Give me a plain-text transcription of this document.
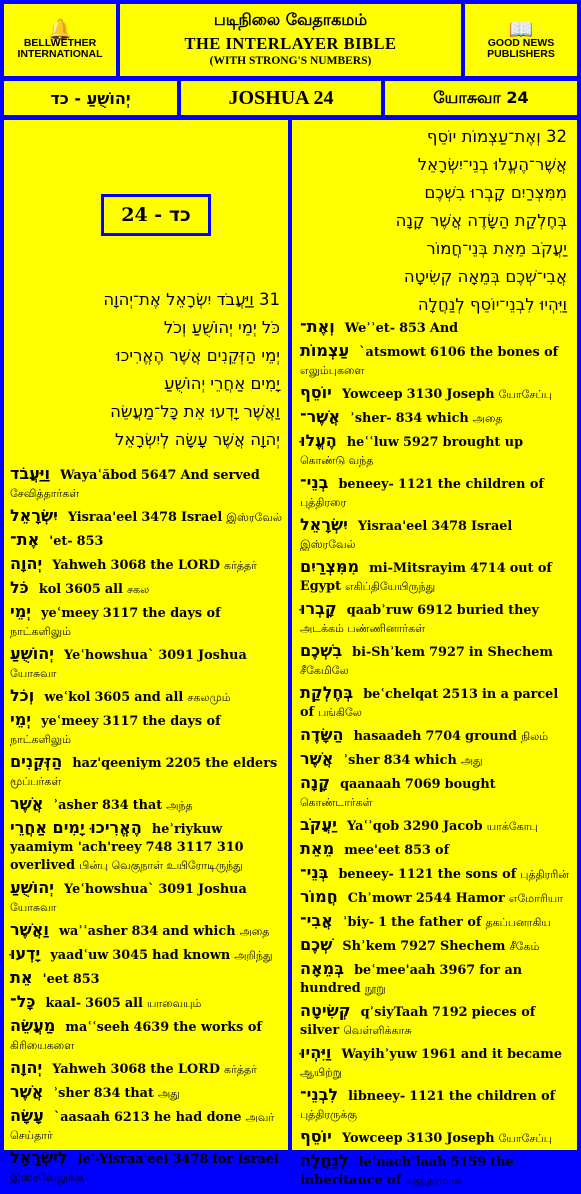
🔔
BELLWETHER
INTERNATIONAL
படிநிலை வேதாகமம்
THE INTERLAYER BIBLE
(WITH STRONG'S NUMBERS)
📖
GOOD NEWS
PUBLISHERS
יְהוֹשֻׁעַ - כד	JOSHUA 24	யோசுவா 24
24 - כד
31 וַיַּעֲבֹד יִשְׂרָאֵל אֶת־יְהוָה
כֹּל יְמֵי יְהוֹשֻׁעַ וְכֹל
יְמֵי הַזְּקֵנִים אֲשֶׁר הֶאֱרִיכוּ
יָמִים אַחֲרֵי יְהוֹשֻׁעַ
וַאֲשֶׁר יָדְעוּ אֵת כָּל־מַעֲשֵׂה
יְהוָה אֲשֶׁר עָשָׂה לְיִשְׂרָאֵל
וַיַּעֲבֹד Wayaʿăbod 5647 And served சேவித்தார்கள்
יִשְׂרָאֵל Yisraa'eel 3478 Israel இஸ்ரவேல்
אֶת־ 'et- 853
יְהוָה Yahweh 3068 the LORD கர்த்தர்
כֹּל kol 3605 all சகல
יְמֵי yeʿmeey 3117 the days of நாட்களிலும்
יְהוֹשֻׁעַ Yeʿhowshua` 3091 Joshua யோசுவா
וְכֹל weʿkol 3605 and all சகலமும்
יְמֵי yeʿmeey 3117 the days of நாட்களிலும்
הַזְּקֵנִים haz'qeeniym 2205 the elders மூப்பர்கள்
אֲשֶׁר ʾasher 834 that அந்த
הֶאֱרִיכוּ יָמִים אַחֲרֵי heʾriykuw yaamiym 'ach'reey 748 3117 310 overlived பின்பு வெகுநாள் உயிரோடிருந்து
יְהוֹשֻׁעַ Yeʿhowshua` 3091 Joshua யோசுவா
וַאֲשֶׁר waʾʿasher 834 and which அதை
יָדְעוּ yaadʿuw 3045 had known அறிந்து
אֵת 'eet 853
כָּל־ kaal- 3605 all யாவையும்
מַעֲשֵׂה maʿʿseeh 4639 the works of கிரியைகளை
יְהוָה Yahweh 3068 the LORD கர்த்தர்
אֲשֶׁר ʾsher 834 that அது
עָשָׂה `aasaah 6213 he had done அவர் செய்தார்
לְיִשְׂרָאֵל leʿ-Yisraa'eel 3478 for Israel இஸ்ரவேலுக்கு
32 וְאֶת־עַצְמוֹת יוֹסֵף
אֲשֶׁר־הֶעֱלוּ בְנֵי־יִשְׂרָאֵל
מִמִּצְרַיִם קָבְרוּ בִשְׁכֶם
בְּחֶלְקַת הַשָּׂדֶה אֲשֶׁר קָנָה
יַעֲקֹב מֵאֵת בְּנֵי־חֲמוֹר
אֲבִי־שְׁכֶם בְּמֵאָה קְשִׂיטָה
וַיִּהְיוּ לִבְנֵי־יוֹסֵף לְנַחֲלָה
וְאֶת־ Weʾʾet- 853 And
עַצְמוֹת `atsmowt 6106 the bones of எலும்புகளை
יוֹסֵף Yowceep 3130 Joseph யோசேப்பு
אֲשֶׁר־ ʾsher- 834 which அதை
הֶעֱלוּ heʿʿluw 5927 brought up கொண்டு வந்த
בְנֵי־ beneey- 1121 the children of புத்திரரை
יִשְׂרָאֵל Yisraa'eel 3478 Israel இஸ்ரவேல்
מִמִּצְרַיִם mi-Mitsrayim 4714 out of Egypt எகிப்தியேயிருந்து
קָבְרוּ qaabʾruw 6912 buried they அடக்கம் பண்ணினார்கள்
בִשְׁכֶם bi-Shʾkem 7927 in Shechem சீகேமிலே
בְּחֶלְקַת beʿchelqat 2513 in a parcel of பங்கிலே
הַשָּׂדֶה hasaadeh 7704 ground நிலம்
אֲשֶׁר ʾsher 834 which அது
קָנָה qaanaah 7069 bought கொண்டார்கள்
יַעֲקֹב Yaʿʾqob 3290 Jacob யாக்கோபு
מֵאֵת mee'eet 853 of
בְּנֵי־ beneey- 1121 the sons of புத்திரரின்
חֲמוֹר Chʾmowr 2544 Hamor எமோரியா
אֲבִי־ ʾbiy- 1 the father of தகப்பனாகிய
שְׁכֶם Shʾkem 7927 Shechem சீகேம்
בְּמֵאָה beʿmee'aah 3967 for an hundred நூறு
קְשִׂיטָה qʾsiyTaah 7192 pieces of silver வெள்ளிக்காசு
וַיִּהְיוּ Wayihʾyuw 1961 and it became ஆயிற்று
לִבְנֵי־ libneey- 1121 the children of புத்திரருக்கு
יוֹסֵף Yowceep 3130 Joseph யோசேப்பு
לְנַחֲלָה leʿnachʾlaah 5159 the inheritance of சுதந்தரமாக
